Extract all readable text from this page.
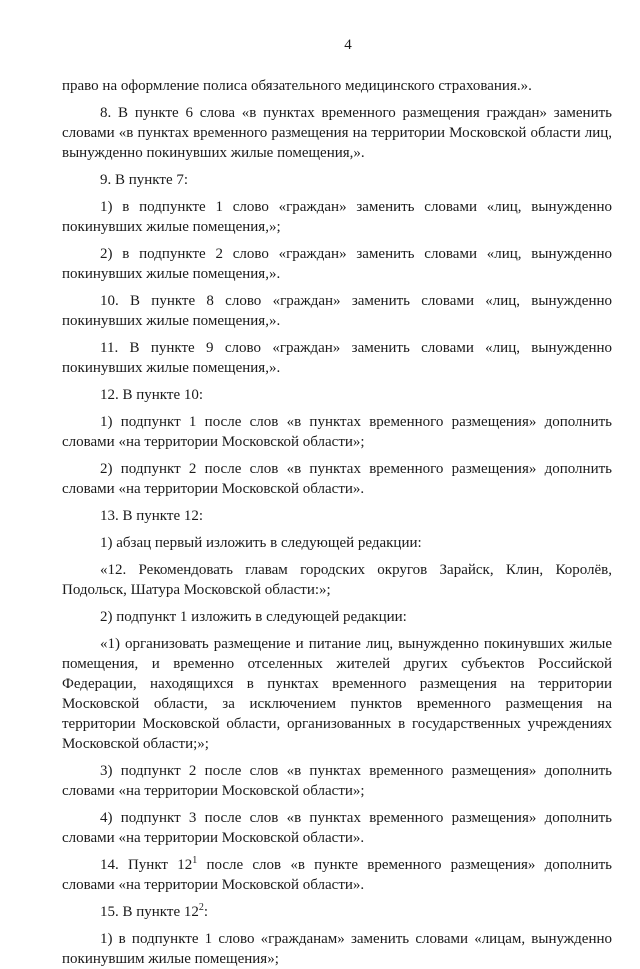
4

право на оформление полиса обязательного медицинского страхования.».

8. В пункте 6 слова «в пунктах временного размещения граждан» заменить словами «в пунктах временного размещения на территории Московской области лиц, вынужденно покинувших жилые помещения,».

9. В пункте 7:

1) в подпункте 1 слово «граждан» заменить словами «лиц, вынужденно покинувших жилые помещения,»;

2) в подпункте 2 слово «граждан» заменить словами «лиц, вынужденно покинувших жилые помещения,».

10. В пункте 8 слово «граждан» заменить словами «лиц, вынужденно покинувших жилые помещения,».

11. В пункте 9 слово «граждан» заменить словами «лиц, вынужденно покинувших жилые помещения,».

12. В пункте 10:

1) подпункт 1 после слов «в пунктах временного размещения» дополнить словами «на территории Московской области»;

2) подпункт 2 после слов «в пунктах временного размещения» дополнить словами «на территории Московской области».

13. В пункте 12:

1) абзац первый изложить в следующей редакции:

«12. Рекомендовать главам городских округов Зарайск, Клин, Королёв, Подольск, Шатура Московской области:»;

2) подпункт 1 изложить в следующей редакции:

«1) организовать размещение и питание лиц, вынужденно покинувших жилые помещения, и временно отселенных жителей других субъектов Российской Федерации, находящихся в пунктах временного размещения на территории Московской области, за исключением пунктов временного размещения на территории Московской области, организованных в государственных учреждениях Московской области;»;

3) подпункт 2 после слов «в пунктах временного размещения» дополнить словами «на территории Московской области»;

4) подпункт 3 после слов «в пунктах временного размещения» дополнить словами «на территории Московской области».

14. Пункт $12^1$ после слов «в пункте временного размещения» дополнить словами «на территории Московской области».

15. В пункте $12^2$:

1) в подпункте 1 слово «гражданам» заменить словами «лицам, вынужденно покинувшим жилые помещения»;
